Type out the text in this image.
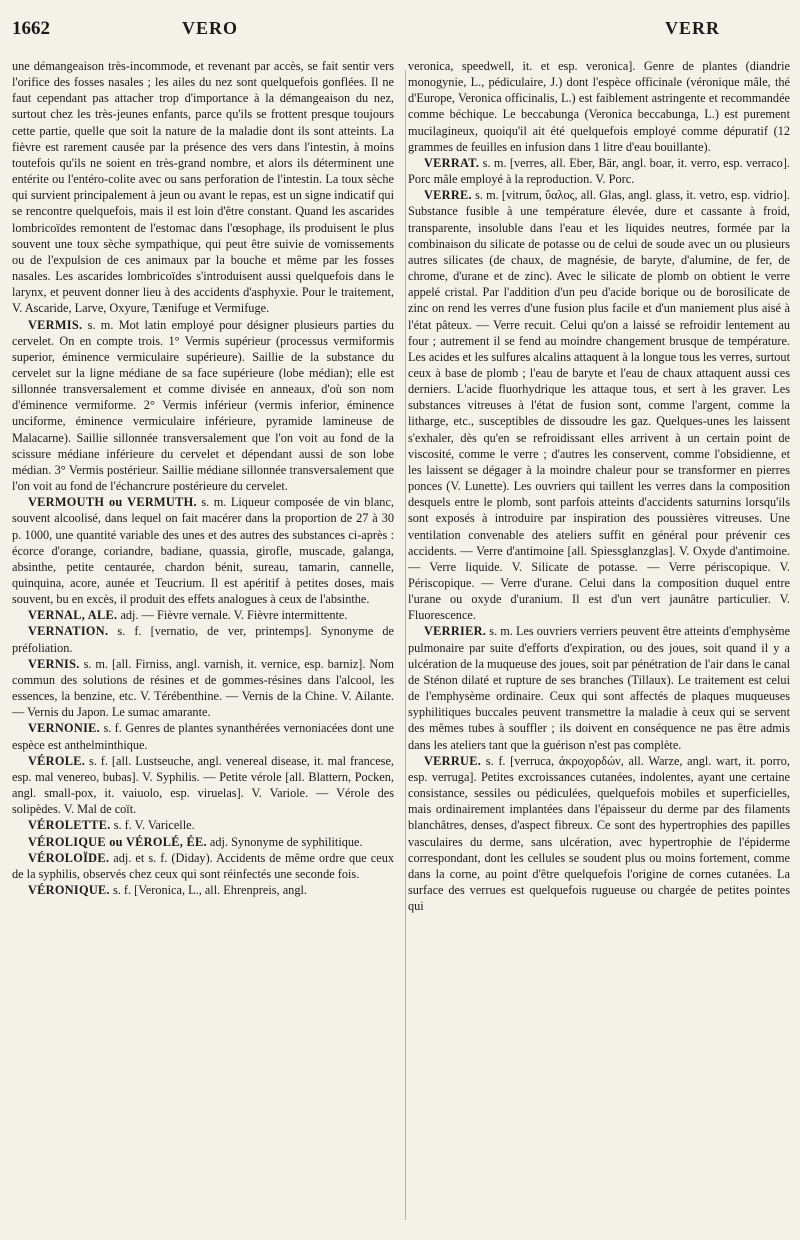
1662	VERO	VERR

une démangeaison très-incommode, et revenant par accès, se fait sentir vers l'orifice des fosses nasales ; les ailes du nez sont quelquefois gonflées. Il ne faut cependant pas attacher trop d'importance à la démangeaison du nez, surtout chez les très-jeunes enfants, parce qu'ils se frottent presque toujours cette partie, quelle que soit la nature de la maladie dont ils sont atteints. La fièvre est rarement causée par la présence des vers dans l'intestin, à moins toutefois qu'ils ne soient en très-grand nombre, et alors ils déterminent une entérite ou l'entéro-colite avec ou sans perforation de l'intestin. La toux sèche qui survient principalement à jeun ou avant le repas, est un signe indicatif qui se rencontre quelquefois, mais il est loin d'être constant. Quand les ascarides lombricoïdes remontent de l'estomac dans l'œsophage, ils produisent le plus souvent une toux sèche sympathique, qui peut être suivie de vomissements ou de l'expulsion de ces animaux par la bouche et même par les fosses nasales. Les ascarides lombricoïdes s'introduisent aussi quelquefois dans le larynx, et peuvent donner lieu à des accidents d'asphyxie. Pour le traitement, V. Ascaride, Larve, Oxyure, Tænifuge et Vermifuge.

VERMIS. s. m. Mot latin employé pour désigner plusieurs parties du cervelet. On en compte trois. 1° Vermis supérieur (processus vermiformis superior, éminence vermiculaire supérieure). Saillie de la substance du cervelet sur la ligne médiane de sa face supérieure (lobe médian); elle est sillonnée transversalement et comme divisée en anneaux, d'où son nom d'éminence vermiforme. 2° Vermis inférieur (vermis inferior, éminence unciforme, éminence vermiculaire inférieure, pyramide lamineuse de Malacarne). Saillie sillonnée transversalement que l'on voit au fond de la scissure médiane inférieure du cervelet et dépendant aussi de son lobe médian. 3° Vermis postérieur. Saillie médiane sillonnée transversalement que l'on voit au fond de l'échancrure postérieure du cervelet.

VERMOUTH ou VERMUTH. s. m. Liqueur composée de vin blanc, souvent alcoolisé, dans lequel on fait macérer dans la proportion de 27 à 30 p. 1000, une quantité variable des unes et des autres des substances ci-après : écorce d'orange, coriandre, badiane, quassia, girofle, muscade, galanga, absinthe, petite centaurée, chardon bénit, sureau, tamarin, cannelle, quinquina, acore, aunée et Teucrium. Il est apéritif à petites doses, mais souvent, bu en excès, il produit des effets analogues à ceux de l'absinthe.

VERNAL, ALE. adj. — Fièvre vernale. V. Fièvre intermittente.

VERNATION. s. f. [vernatio, de ver, printemps]. Synonyme de préfoliation.

VERNIS. s. m. [all. Firniss, angl. varnish, it. vernice, esp. barniz]. Nom commun des solutions de résines et de gommes-résines dans l'alcool, les essences, la benzine, etc. V. Térébenthine. — Vernis de la Chine. V. Ailante. — Vernis du Japon. Le sumac amarante.

VERNONIE. s. f. Genres de plantes synanthérées vernoniacées dont une espèce est anthelminthique.

VÉROLE. s. f. [all. Lustseuche, angl. venereal disease, it. mal francese, esp. mal venereo, bubas]. V. Syphilis. — Petite vérole [all. Blattern, Pocken, angl. small-pox, it. vaiuolo, esp. viruelas]. V. Variole. — Vérole des solipèdes. V. Mal de coït.

VÉROLETTE. s. f. V. Varicelle.

VÉROLIQUE ou VÉROLÉ, ÉE. adj. Synonyme de syphilitique.

VÉROLOÏDE. adj. et s. f. (Diday). Accidents de même ordre que ceux de la syphilis, observés chez ceux qui sont réinfectés une seconde fois.

VÉRONIQUE. s. f. [Veronica, L., all. Ehrenpreis, angl.

veronica, speedwell, it. et esp. veronica]. Genre de plantes (diandrie monogynie, L., pédiculaire, J.) dont l'espèce officinale (véronique mâle, thé d'Europe, Veronica officinalis, L.) est faiblement astringente et recommandée comme béchique. Le beccabunga (Veronica beccabunga, L.) est purement mucilagineux, quoiqu'il ait été quelquefois employé comme dépuratif (12 grammes de feuilles en infusion dans 1 litre d'eau bouillante).

VERRAT. s. m. [verres, all. Eber, Bär, angl. boar, it. verro, esp. verraco]. Porc mâle employé à la reproduction. V. Porc.

VERRE. s. m. [vitrum, ὕαλος, all. Glas, angl. glass, it. vetro, esp. vidrio]. Substance fusible à une température élevée, dure et cassante à froid, transparente, insoluble dans l'eau et les liquides neutres, formée par la combinaison du silicate de potasse ou de celui de soude avec un ou plusieurs autres silicates (de chaux, de magnésie, de baryte, d'alumine, de fer, de chrome, d'urane et de zinc). Avec le silicate de plomb on obtient le verre appelé cristal. Par l'addition d'un peu d'acide borique ou de borosilicate de zinc on rend les verres d'une fusion plus facile et d'un maniement plus aisé à l'état pâteux. — Verre recuit. Celui qu'on a laissé se refroidir lentement au four ; autrement il se fend au moindre changement brusque de température. Les acides et les sulfures alcalins attaquent à la longue tous les verres, surtout ceux à base de plomb ; l'eau de baryte et l'eau de chaux attaquent aussi ces derniers. L'acide fluorhydrique les attaque tous, et sert à les graver. Les substances vitreuses à l'état de fusion sont, comme l'argent, comme la litharge, etc., susceptibles de dissoudre les gaz. Quelques-unes les laissent s'exhaler, dès qu'en se refroidissant elles arrivent à un certain point de viscosité, comme le verre ; d'autres les conservent, comme l'obsidienne, et les laissent se dégager à la moindre chaleur pour se transformer en pierres ponces (V. Lunette). Les ouvriers qui taillent les verres dans la composition desquels entre le plomb, sont parfois atteints d'accidents saturnins lorsqu'ils sont exposés à introduire par inspiration des poussières vitreuses. Une ventilation convenable des ateliers suffit en général pour prévenir ces accidents. — Verre d'antimoine [all. Spiessglanzglas]. V. Oxyde d'antimoine. — Verre liquide. V. Silicate de potasse. — Verre périscopique. V. Périscopique. — Verre d'urane. Celui dans la composition duquel entre l'urane ou oxyde d'uranium. Il est d'un vert jaunâtre particulier. V. Fluorescence.

VERRIER. s. m. Les ouvriers verriers peuvent être atteints d'emphysème pulmonaire par suite d'efforts d'expiration, ou des joues, soit quand il y a ulcération de la muqueuse des joues, soit par pénétration de l'air dans le canal de Sténon dilaté et rupture de ses branches (Tillaux). Le traitement est celui de l'emphysème ordinaire. Ceux qui sont affectés de plaques muqueuses syphilitiques buccales peuvent transmettre la maladie à ceux qui se servent des mêmes tubes à souffler ; ils doivent en conséquence ne pas être admis dans les ateliers tant que la guérison n'est pas complète.

VERRUE. s. f. [verruca, ἀκροχορδών, all. Warze, angl. wart, it. porro, esp. verruga]. Petites excroissances cutanées, indolentes, ayant une certaine consistance, sessiles ou pédiculées, quelquefois mobiles et superficielles, mais ordinairement implantées dans l'épaisseur du derme par des filaments blanchâtres, denses, d'aspect fibreux. Ce sont des hypertrophies des papilles vasculaires du derme, sans ulcération, avec hypertrophie de l'épiderme correspondant, dont les cellules se soudent plus ou moins fortement, comme dans la corne, au point d'être quelquefois l'origine de cornes cutanées. La surface des verrues est quelquefois rugueuse ou chargée de petites pointes qui
